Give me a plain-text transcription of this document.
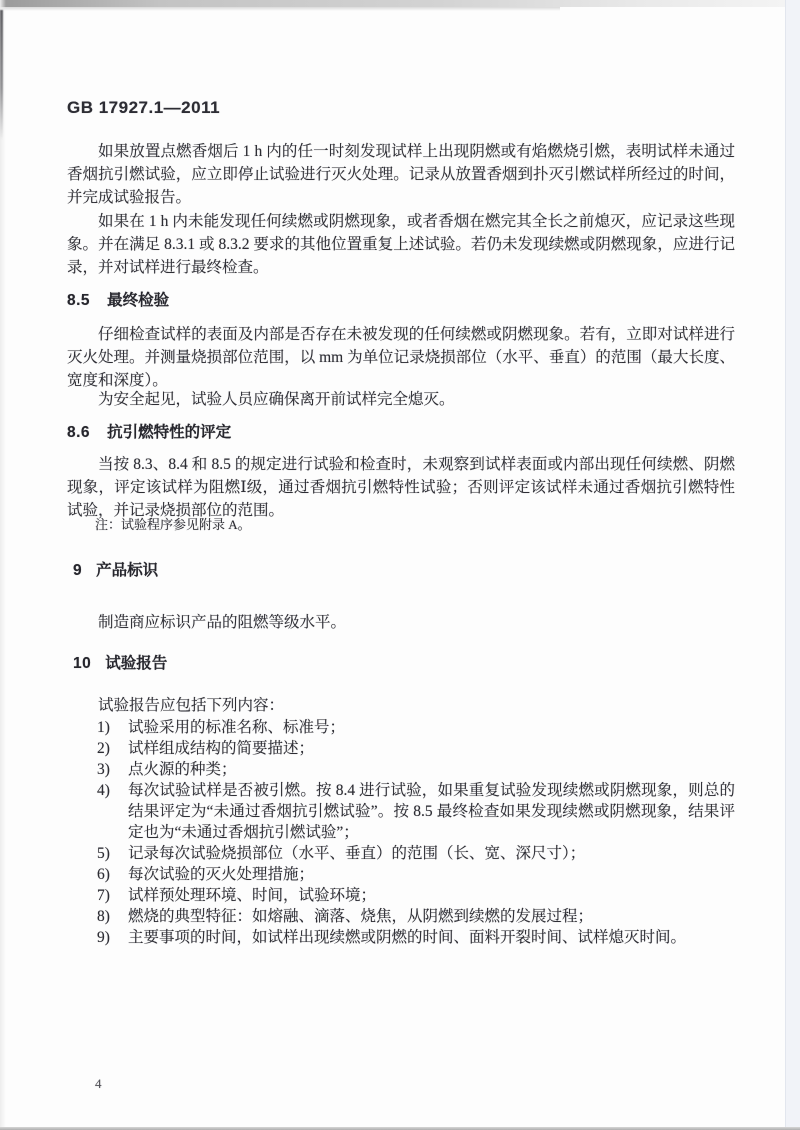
GB 17927.1—2011

如果放置点燃香烟后 1 h 内的任一时刻发现试样上出现阴燃或有焰燃烧引燃，表明试样未通过香烟抗引燃试验，应立即停止试验进行灭火处理。记录从放置香烟到扑灭引燃试样所经过的时间，并完成试验报告。

如果在 1 h 内未能发现任何续燃或阴燃现象，或者香烟在燃完其全长之前熄灭，应记录这些现象。并在满足 8.3.1 或 8.3.2 要求的其他位置重复上述试验。若仍未发现续燃或阴燃现象，应进行记录，并对试样进行最终检查。

8.5 最终检验

仔细检查试样的表面及内部是否存在未被发现的任何续燃或阴燃现象。若有，立即对试样进行灭火处理。并测量烧损部位范围，以 mm 为单位记录烧损部位（水平、垂直）的范围（最大长度、宽度和深度）。

为安全起见，试验人员应确保离开前试样完全熄灭。

8.6 抗引燃特性的评定

当按 8.3、8.4 和 8.5 的规定进行试验和检查时，未观察到试样表面或内部出现任何续燃、阴燃现象，评定该试样为阻燃Ⅰ级，通过香烟抗引燃特性试验；否则评定该试样未通过香烟抗引燃特性试验，并记录烧损部位的范围。

注：试验程序参见附录 A。
9 产品标识

制造商应标识产品的阻燃等级水平。

10 试验报告

试验报告应包括下列内容：

1)	试验采用的标准名称、标准号；
2)	试样组成结构的简要描述；
3)	点火源的种类；
4)	每次试验试样是否被引燃。按 8.4 进行试验，如果重复试验发现续燃或阴燃现象，则总的结果评定为“未通过香烟抗引燃试验”。按 8.5 最终检查如果发现续燃或阴燃现象，结果评定也为“未通过香烟抗引燃试验”；
5)	记录每次试验烧损部位（水平、垂直）的范围（长、宽、深尺寸）；
6)	每次试验的灭火处理措施；
7)	试样预处理环境、时间，试验环境；
8)	燃烧的典型特征：如熔融、滴落、烧焦，从阴燃到续燃的发展过程；
9)	主要事项的时间，如试样出现续燃或阴燃的时间、面料开裂时间、试样熄灭时间。
4
